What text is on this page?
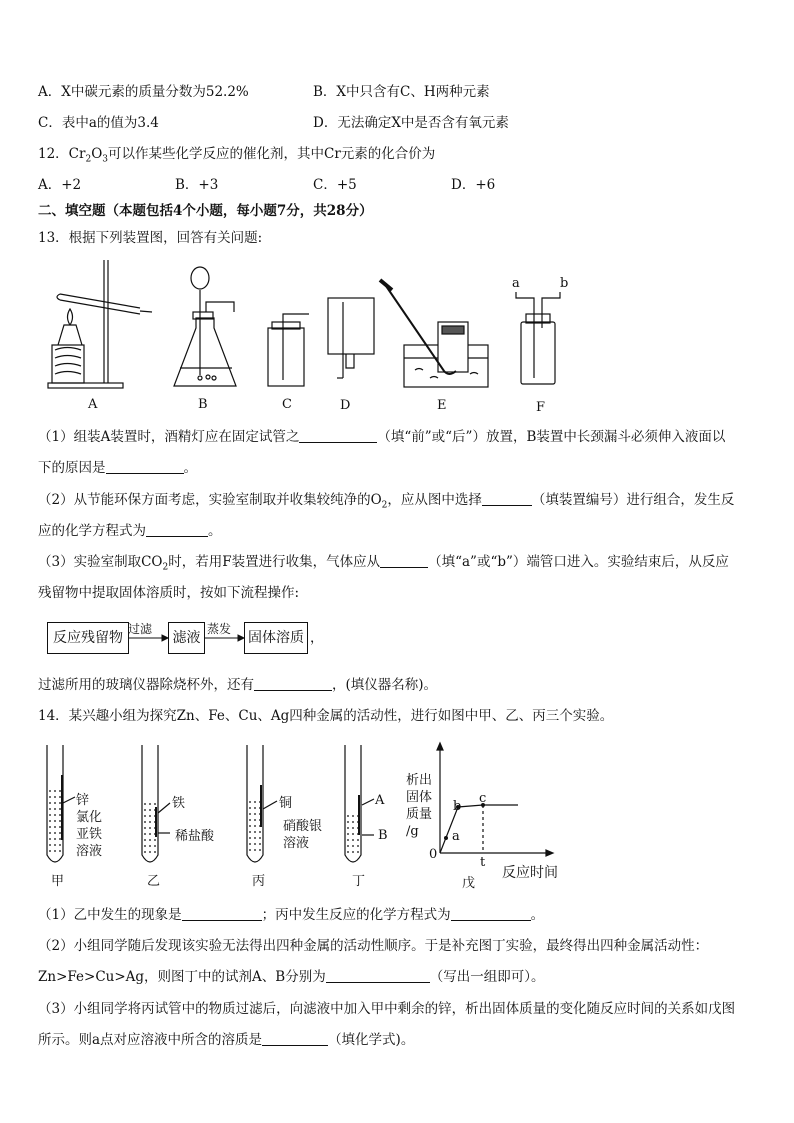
A．X中碳元素的质量分数为52.2%	B．X中只含有C、H两种元素
C．表中a的值为3.4	D．无法确定X中是否含有氧元素
12．$Cr_2O_3$可以作某些化学反应的催化剂，其中Cr元素的化合价为
A．+2	B．+3	C．+5	D．+6
二、填空题（本题包括4个小题，每小题7分，共28分）
13．根据下列装置图，回答有关问题:
A	B	C	D	E	F
a	b
（1）组装A装置时，酒精灯应在固定试管之	（填“前”或“后”）放置，B装置中长颈漏斗必须伸入液面以
下的原因是	。
（2）从节能环保方面考虑，实验室制取并收集较纯净的$O_2$，应从图中选择	（填装置编号）进行组合，发生反
应的化学方程式为	。
（3）实验室制取$CO_2$时，若用F装置进行收集，气体应从	（填“a”或“b”）端管口进入。实验结束后，从反应
残留物中提取固体溶质时，按如下流程操作:
反应残留物	滤液	固体溶质
过滤	蒸发
，
过滤所用的玻璃仪器除烧杯外，还有	，(填仪器名称)。
14．某兴趣小组为探究Zn、Fe、Cu、Ag四种金属的活动性，进行如图中甲、乙、丙三个实验。
锌
氯化
亚铁
溶液
铁
稀盐酸
铜
硝酸银
溶液
A
B
甲	乙	丙	丁	戊
析出
固体
质量
/g
0
t
a
b
c
反应时间
（1）乙中发生的现象是	；丙中发生反应的化学方程式为	。
（2）小组同学随后发现该实验无法得出四种金属的活动性顺序。于是补充图丁实验，最终得出四种金属活动性：
Zn>Fe>Cu>Ag，则图丁中的试剂A、B分别为	（写出一组即可）。
（3）小组同学将丙试管中的物质过滤后，向滤液中加入甲中剩余的锌，析出固体质量的变化随反应时间的关系如戊图
所示。则a点对应溶液中所含的溶质是	（填化学式)。
